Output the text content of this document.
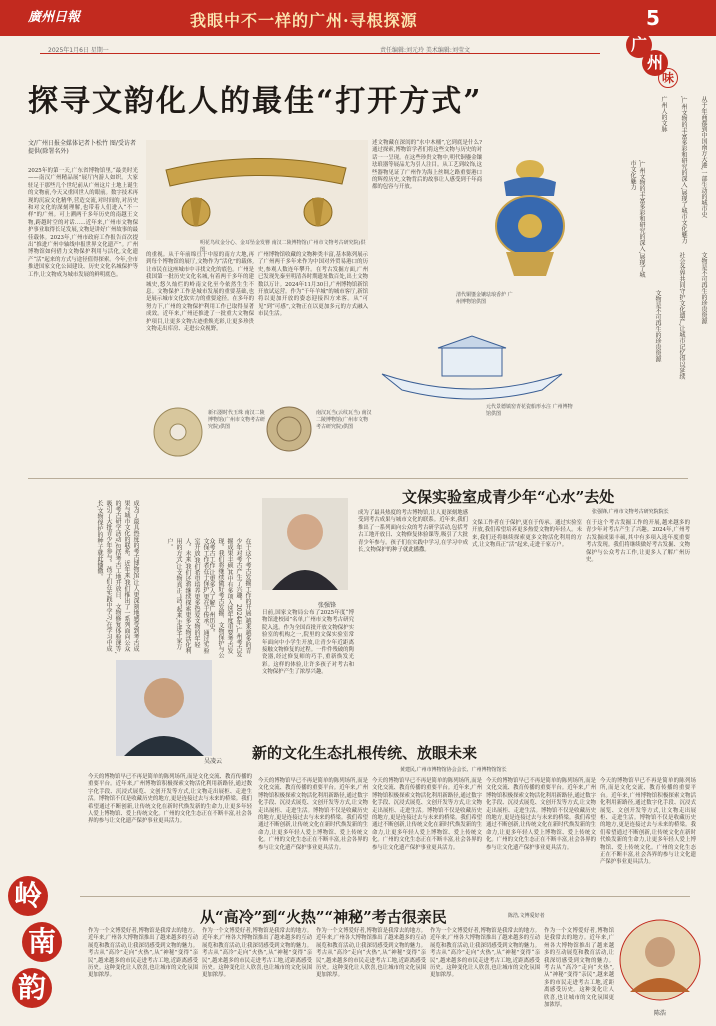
廣州日報	我眼中不一样的广州·寻根探源	5
2025年1月6日 星期一	责任编辑:刘元玲 美术编辑:刘莹文	广
州
味
探寻文韵化人的最佳“打开方式”
文/广州日报全媒体记者卜松竹 图/受访者提供(除署名外)
2025年的第一天,广东省博物馆里,“最美时光——南汉广州精品展”展厅内游人如织。大家驻足于那些几个世纪前从广州这片土地上诞生的文物前,今天又重回世人的眼前。数字技术再现的沉寂文化精华,营造交流,对时间的,对历史和对文化的深刻理解,也带着人们进入“不一样”的广州。可上溯两千多年历史的南越王文物,跨越时空的对话……近年来,广州市文物保护事业取得长足发展,文物是讲好广州故事的最佳载体。2023年,广州市政府工作报告首次提出“推进广州中轴线申报世界文化遗产”。广州博物馆如何借力文物保护利用与活化,文化遗产“活”起来的方式与途径值得探索。今年,全市推进国家文化公园建设、历史文化名城保护等工作,让文物成为城市发展的鲜明底色。
明花鸟纹金分心、金耳坠金发簪 南汉二陵博物馆(广州市文物考古研究院)供图
的重视。从千年前绵亘于中原的南方大地,再到每个博物馆的展厅,文物作为“活化”的载体,让市民在这座城市中寻找文化的底色。广州是我国第一批历史文化名城,有着两千多年的建城史,悠久灿烂的岭南文化至今依然生生不息。文物保护工作是城市发展的重要基础,也是展示城市文化软实力的重要途径。在多年的努力下,广州的文物保护利用工作已取得显著成效。近年来,广州还推进了一批重大文物保护项目,让更多文物古迹重焕光彩,让更多珍贵文物走出库房、走进公众视野。
广州博物馆收藏的文物种类丰富,基本陈列展示了广州两千多年来作为中国对外贸易港口的历史,参观人数连年攀升。在考古发掘方面,广州已发现先秦至明清各时期遗址数百处,出土文物数以万计。2024年11月30日,广州博物馆新馆开放试运营。作为“千年羊城”的城市客厅,新馆将以更加开放的姿态迎接四方来客。从“可见”到“可感”,文物正在以更加多元的方式融入市民生活。
新石器时代玉珠 南汉二陵博物馆(广州市文物考古研究院)供图
南汉瓦当(云纹瓦当) 南汉二陵博物馆(广州市文物考古研究院)供图
述文物藏在深闺的“水中木桶”,它到底是什么?通过探索,博物馆学者们将这些文物与历史的对话一一呈现。在这些珍贵文物中,明代铜鎏金镶珐琅器等展品尤为引人注目。从工艺到纹饰,这些器物见证了广州作为海上丝绸之路重要港口的辉煌历史,文物背后的故事让人感受到千年商都的包容与开放。
清代铜鎏金镶珐琅香炉 广州博物馆供图
元代景德镇窑青花瓷船形水注 广州博物馆供图
从千年商都到中国南方大港,一部生动的城市史
,广州文物的丰富多彩和研究的深入,展现了城市文化魅力
广州人的文脉
文物是不可再生的珍贵资源
社会各界共同守护文化遗产,让城市记忆得以延续
,广州文物的丰富多彩和研究的深入,展现了城市文化魅力
文物是不可再生的珍贵资源
文保实验室成青少年“心水”去处
张强锋,广州市文物考古研究院院长
张强锋
文保工作者在于保护,更在于传承。通过实验室开放,我们希望培养更多热爱文物的年轻人。未来,我们还将继续探索更多文物活化利用的方式,让文物真正“活”起来,走进千家万户。	在于这个考古发掘工作的开展,越来越多的青少年对考古产生了兴趣。2024年,广州考古发掘成果丰硕,其中有多项入选年度重要考古发现。我们将继续做好考古发掘、文物保护与公众考古工作,让更多人了解广州历史。
成为了最具热度的考古博物馆,让人更深刻地感受到考古成果与城市文化的联系。近年来,我们推出了一系列面向公众的考古研学活动,包括考古工地开放日、文物修复体验课等,吸引了大批青少年参与。孩子们在实践中学习,在学习中成长,文物保护的种子就此播撒。
日前,国家文物局公布了2025年度“博物馆进校园”名单,广州市文物考古研究院入选。作为全国首批开放文物保护实验室的机构之一,院里的文保实验室常年面向中小学生开放,让青少年近距离接触文物修复的过程。一件件残破的陶瓷器,经过修复师的巧手,重新焕发光彩。这样的体验,让许多孩子对考古和文物保护产生了浓厚兴趣。
成为了最具热度的考古博物馆,让人更深刻地感受到考古成果与城市文化的联系。近年来,我们推出了一系列面向公众的考古研学活动,包括考古工地开放日、文物修复体验课等,吸引了大批青少年参与。孩子们在实践中学习,在学习中成长,文物保护的种子就此播撒。
文保工作者在于保护,更在于传承。通过实验室开放,我们希望培养更多热爱文物的年轻人。未来,我们还将继续探索更多文物活化利用的方式,让文物真正“活”起来,走进千家万户。
在于这个考古发掘工作的开展,越来越多的青少年对考古产生了兴趣。2024年,广州考古发掘成果丰硕,其中有多项入选年度重要考古发现。我们将继续做好考古发掘、文物保护与公众考古工作,让更多人了解广州历史。
吴凌云 新的文化生态扎根传统、放眼未来
黄建民,广州市博物馆协会会长、广州博物馆馆长
今天的博物馆早已不再是简单的陈列场所,而是文化交流、教育传播的重要平台。近年来,广州博物馆积极探索文物活化利用新路径,通过数字化手段、沉浸式展览、文创开发等方式,让文物走出展柜、走进生活。博物馆不仅是收藏历史的地方,更是连接过去与未来的桥梁。我们希望通过不断创新,让传统文化在新时代焕发新的生命力,让更多年轻人爱上博物馆、爱上传统文化。广州的文化生态正在不断丰富,社会各界的参与让文化遗产保护事业更具活力。
今天的博物馆早已不再是简单的陈列场所,而是文化交流、教育传播的重要平台。近年来,广州博物馆积极探索文物活化利用新路径,通过数字化手段、沉浸式展览、文创开发等方式,让文物走出展柜、走进生活。博物馆不仅是收藏历史的地方,更是连接过去与未来的桥梁。我们希望通过不断创新,让传统文化在新时代焕发新的生命力,让更多年轻人爱上博物馆、爱上传统文化。广州的文化生态正在不断丰富,社会各界的参与让文化遗产保护事业更具活力。
今天的博物馆早已不再是简单的陈列场所,而是文化交流、教育传播的重要平台。近年来,广州博物馆积极探索文物活化利用新路径,通过数字化手段、沉浸式展览、文创开发等方式,让文物走出展柜、走进生活。博物馆不仅是收藏历史的地方,更是连接过去与未来的桥梁。我们希望通过不断创新,让传统文化在新时代焕发新的生命力,让更多年轻人爱上博物馆、爱上传统文化。广州的文化生态正在不断丰富,社会各界的参与让文化遗产保护事业更具活力。
今天的博物馆早已不再是简单的陈列场所,而是文化交流、教育传播的重要平台。近年来,广州博物馆积极探索文物活化利用新路径,通过数字化手段、沉浸式展览、文创开发等方式,让文物走出展柜、走进生活。博物馆不仅是收藏历史的地方,更是连接过去与未来的桥梁。我们希望通过不断创新,让传统文化在新时代焕发新的生命力,让更多年轻人爱上博物馆、爱上传统文化。广州的文化生态正在不断丰富,社会各界的参与让文化遗产保护事业更具活力。
今天的博物馆早已不再是简单的陈列场所,而是文化交流、教育传播的重要平台。近年来,广州博物馆积极探索文物活化利用新路径,通过数字化手段、沉浸式展览、文创开发等方式,让文物走出展柜、走进生活。博物馆不仅是收藏历史的地方,更是连接过去与未来的桥梁。我们希望通过不断创新,让传统文化在新时代焕发新的生命力,让更多年轻人爱上博物馆、爱上传统文化。广州的文化生态正在不断丰富,社会各界的参与让文化遗产保护事业更具活力。
岭
南
韵
从“高冷”到“火热”“神秘”考古很亲民	陈浩,文博爱好者
作为一个文博爱好者,博物馆是我常去的地方。近年来,广州各大博物馆推出了越来越多的互动展览和教育活动,让我深切感受到文物的魅力。考古从“高冷”走向“火热”,从“神秘”变得“亲民”,越来越多的市民走进考古工地,近距离感受历史。这种变化让人欣喜,也让城市的文化氛围更加浓厚。
作为一个文博爱好者,博物馆是我常去的地方。近年来,广州各大博物馆推出了越来越多的互动展览和教育活动,让我深切感受到文物的魅力。考古从“高冷”走向“火热”,从“神秘”变得“亲民”,越来越多的市民走进考古工地,近距离感受历史。这种变化让人欣喜,也让城市的文化氛围更加浓厚。
作为一个文博爱好者,博物馆是我常去的地方。近年来,广州各大博物馆推出了越来越多的互动展览和教育活动,让我深切感受到文物的魅力。考古从“高冷”走向“火热”,从“神秘”变得“亲民”,越来越多的市民走进考古工地,近距离感受历史。这种变化让人欣喜,也让城市的文化氛围更加浓厚。
作为一个文博爱好者,博物馆是我常去的地方。近年来,广州各大博物馆推出了越来越多的互动展览和教育活动,让我深切感受到文物的魅力。考古从“高冷”走向“火热”,从“神秘”变得“亲民”,越来越多的市民走进考古工地,近距离感受历史。这种变化让人欣喜,也让城市的文化氛围更加浓厚。
作为一个文博爱好者,博物馆是我常去的地方。近年来,广州各大博物馆推出了越来越多的互动展览和教育活动,让我深切感受到文物的魅力。考古从“高冷”走向“火热”,从“神秘”变得“亲民”,越来越多的市民走进考古工地,近距离感受历史。这种变化让人欣喜,也让城市的文化氛围更加浓厚。
陈浩
